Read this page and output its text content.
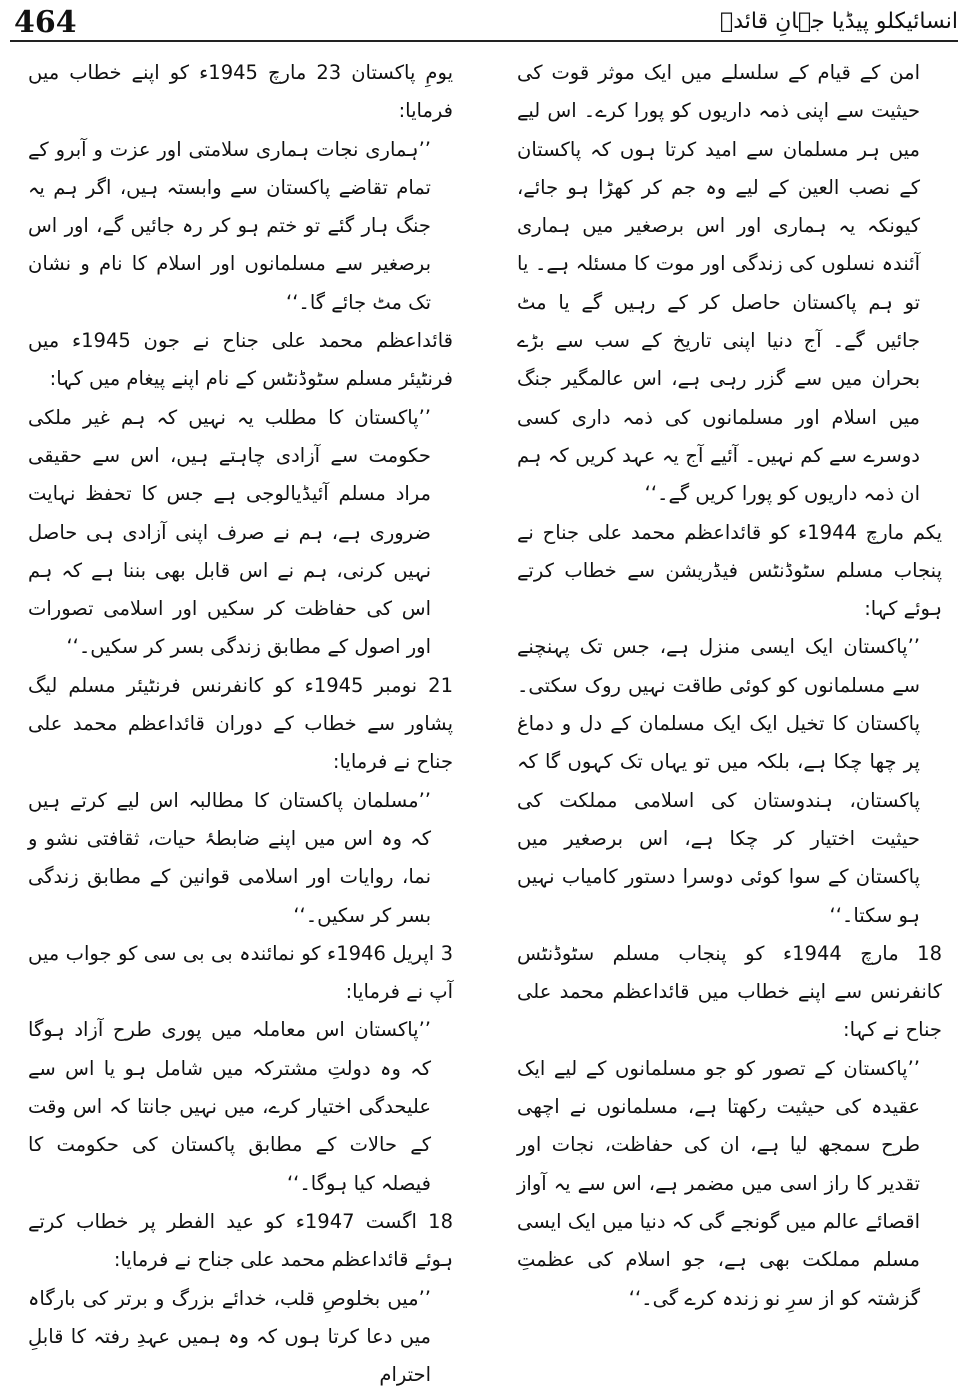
464	انسائیکلو پیڈیا جہانِ قائدؒ

امن کے قیام کے سلسلے میں ایک موثر قوت کی حیثیت سے اپنی ذمہ داریوں کو پورا کرے۔ اس لیے میں ہر مسلمان سے امید کرتا ہوں کہ پاکستان کے نصب العین کے لیے وہ جم کر کھڑا ہو جائے، کیونکہ یہ ہماری اور اس برصغیر میں ہماری آئندہ نسلوں کی زندگی اور موت کا مسئلہ ہے۔ یا تو ہم پاکستان حاصل کر کے رہیں گے یا مٹ جائیں گے۔ آج دنیا اپنی تاریخ کے سب سے بڑے بحران میں سے گزر رہی ہے، اس عالمگیر جنگ میں اسلام اور مسلمانوں کی ذمہ داری کسی دوسرے سے کم نہیں۔ آئیے آج یہ عہد کریں کہ ہم ان ذمہ داریوں کو پورا کریں گے۔‘‘

یکم مارچ 1944ء کو قائداعظم محمد علی جناح نے پنجاب مسلم سٹوڈنٹس فیڈریشن سے خطاب کرتے ہوئے کہا:

’’پاکستان ایک ایسی منزل ہے، جس تک پہنچنے سے مسلمانوں کو کوئی طاقت نہیں روک سکتی۔ پاکستان کا تخیل ایک ایک مسلمان کے دل و دماغ پر چھا چکا ہے، بلکہ میں تو یہاں تک کہوں گا کہ پاکستان، ہندوستان کی اسلامی مملکت کی حیثیت اختیار کر چکا ہے، اس برصغیر میں پاکستان کے سوا کوئی دوسرا دستور کامیاب نہیں ہو سکتا۔‘‘

18 مارچ 1944ء کو پنجاب مسلم سٹوڈنٹس کانفرنس سے اپنے خطاب میں قائداعظم محمد علی جناح نے کہا:

’’پاکستان کے تصور کو جو مسلمانوں کے لیے ایک عقیدہ کی حیثیت رکھتا ہے، مسلمانوں نے اچھی طرح سمجھ لیا ہے، ان کی حفاظت، نجات اور تقدیر کا راز اسی میں مضمر ہے، اس سے یہ آواز اقصائے عالم میں گونجے گی کہ دنیا میں ایک ایسی مسلم مملکت بھی ہے، جو اسلام کی عظمتِ گزشتہ کو از سرِ نو زندہ کرے گی۔‘‘

یومِ پاکستان 23 مارچ 1945ء کو اپنے خطاب میں فرمایا:

’’ہماری نجات ہماری سلامتی اور عزت و آبرو کے تمام تقاضے پاکستان سے وابستہ ہیں، اگر ہم یہ جنگ ہار گئے تو ختم ہو کر رہ جائیں گے، اور اس برصغیر سے مسلمانوں اور اسلام کا نام و نشان تک مٹ جائے گا۔‘‘

قائداعظم محمد علی جناح نے جون 1945ء میں فرنٹیئر مسلم سٹوڈنٹس کے نام اپنے پیغام میں کہا:

’’پاکستان کا مطلب یہ نہیں کہ ہم غیر ملکی حکومت سے آزادی چاہتے ہیں، اس سے حقیقی مراد مسلم آئیڈیالوجی ہے جس کا تحفظ نہایت ضروری ہے، ہم نے صرف اپنی آزادی ہی حاصل نہیں کرنی، ہم نے اس قابل بھی بننا ہے کہ ہم اس کی حفاظت کر سکیں اور اسلامی تصورات اور اصول کے مطابق زندگی بسر کر سکیں۔‘‘

21 نومبر 1945ء کو کانفرنس فرنٹیئر مسلم لیگ پشاور سے خطاب کے دوران قائداعظم محمد علی جناح نے فرمایا:

’’مسلمان پاکستان کا مطالبہ اس لیے کرتے ہیں کہ وہ اس میں اپنے ضابطۂ حیات، ثقافتی نشو و نما، روایات اور اسلامی قوانین کے مطابق زندگی بسر کر سکیں۔‘‘

3 اپریل 1946ء کو نمائندہ بی بی سی کو جواب میں آپ نے فرمایا:

’’پاکستان اس معاملہ میں پوری طرح آزاد ہوگا کہ وہ دولتِ مشترکہ میں شامل ہو یا اس سے علیحدگی اختیار کرے، میں نہیں جانتا کہ اس وقت کے حالات کے مطابق پاکستان کی حکومت کا فیصلہ کیا ہوگا۔‘‘

18 اگست 1947ء کو عید الفطر پر خطاب کرتے ہوئے قائداعظم محمد علی جناح نے فرمایا:

’’میں بخلوصِ قلب، خدائے بزرگ و برتر کی بارگاہ میں دعا کرتا ہوں کہ وہ ہمیں عہدِ رفتہ کا قابلِ احترام
